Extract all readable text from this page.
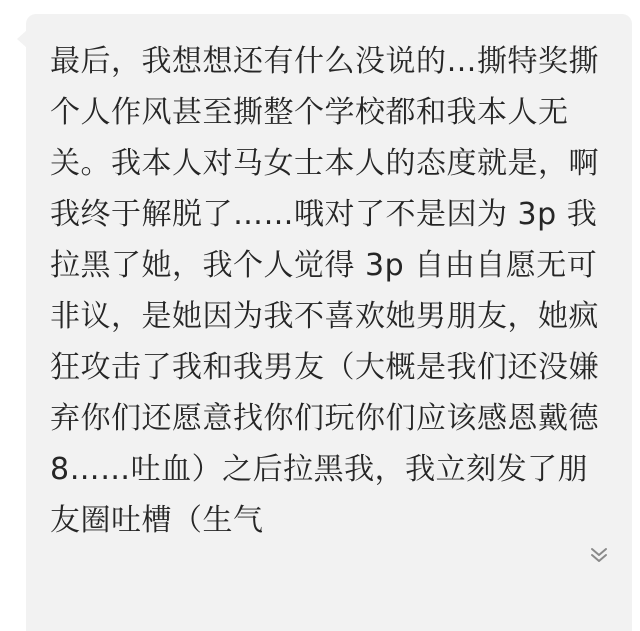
最后，我想想还有什么没说的…撕特奖撕个人作风甚至撕整个学校都和我本人无关。我本人对马女士本人的态度就是，啊我终于解脱了……哦对了不是因为 3p 我拉黑了她，我个人觉得 3p 自由自愿无可非议，是她因为我不喜欢她男朋友，她疯狂攻击了我和我男友（大概是我们还没嫌弃你们还愿意找你们玩你们应该感恩戴德 8……吐血）之后拉黑我，我立刻发了朋友圈吐槽（生气
